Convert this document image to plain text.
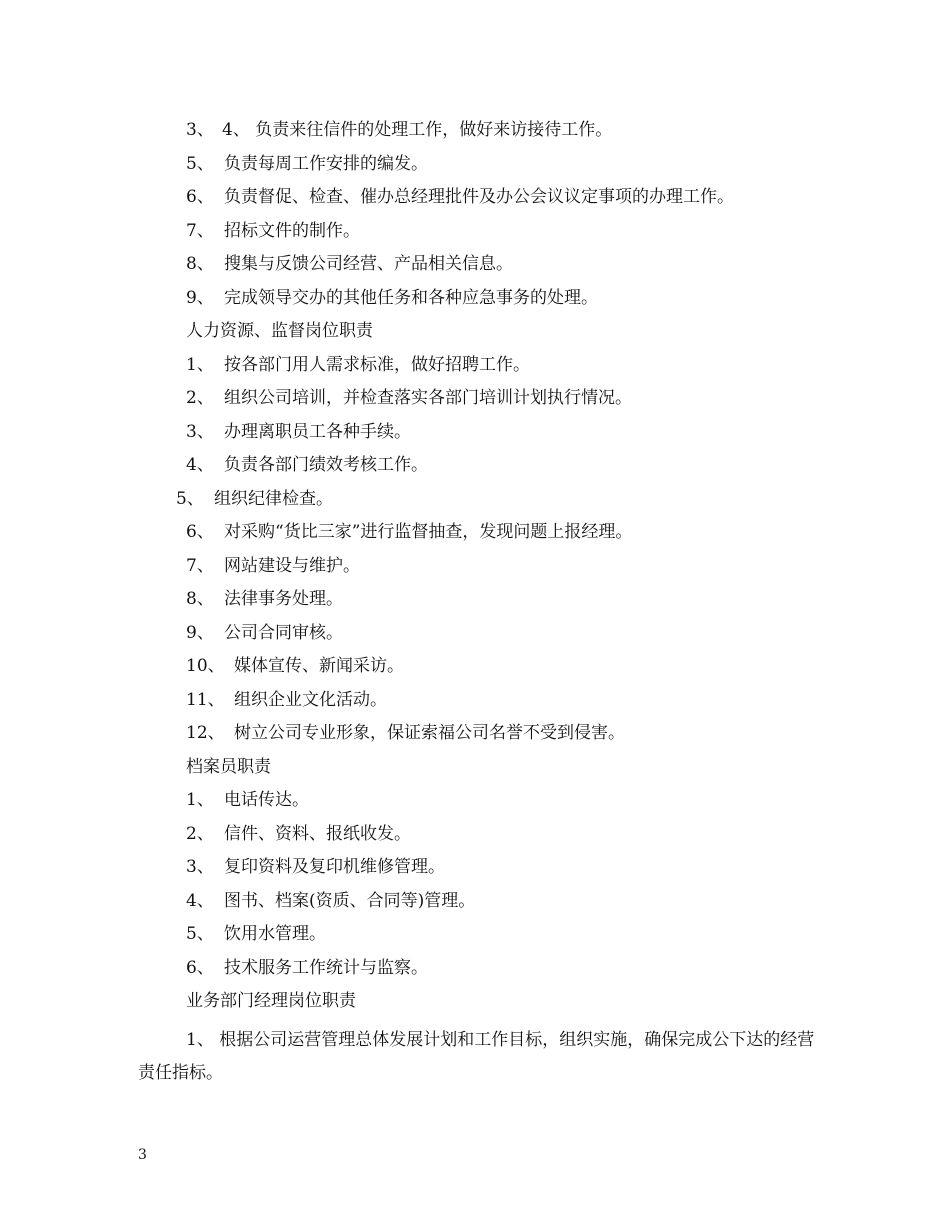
3、 4、 负责来往信件的处理工作，做好来访接待工作。
5、 负责每周工作安排的编发。
6、 负责督促、检查、催办总经理批件及办公会议议定事项的办理工作。
7、 招标文件的制作。
8、 搜集与反馈公司经营、产品相关信息。
9、 完成领导交办的其他任务和各种应急事务的处理。
人力资源、监督岗位职责
1、 按各部门用人需求标准，做好招聘工作。
2、 组织公司培训，并检查落实各部门培训计划执行情况。
3、 办理离职员工各种手续。
4、 负责各部门绩效考核工作。
5、 组织纪律检查。
6、 对采购“货比三家”进行监督抽查，发现问题上报经理。
7、 网站建设与维护。
8、 法律事务处理。
9、 公司合同审核。
10、 媒体宣传、新闻采访。
11、 组织企业文化活动。
12、 树立公司专业形象，保证索福公司名誉不受到侵害。
档案员职责
1、 电话传达。
2、 信件、资料、报纸收发。
3、 复印资料及复印机维修管理。
4、 图书、档案(资质、合同等)管理。
5、 饮用水管理。
6、 技术服务工作统计与监察。
业务部门经理岗位职责
1、 根据公司运营管理总体发展计划和工作目标，组织实施，确保完成公下达的经营责任指标。
3
